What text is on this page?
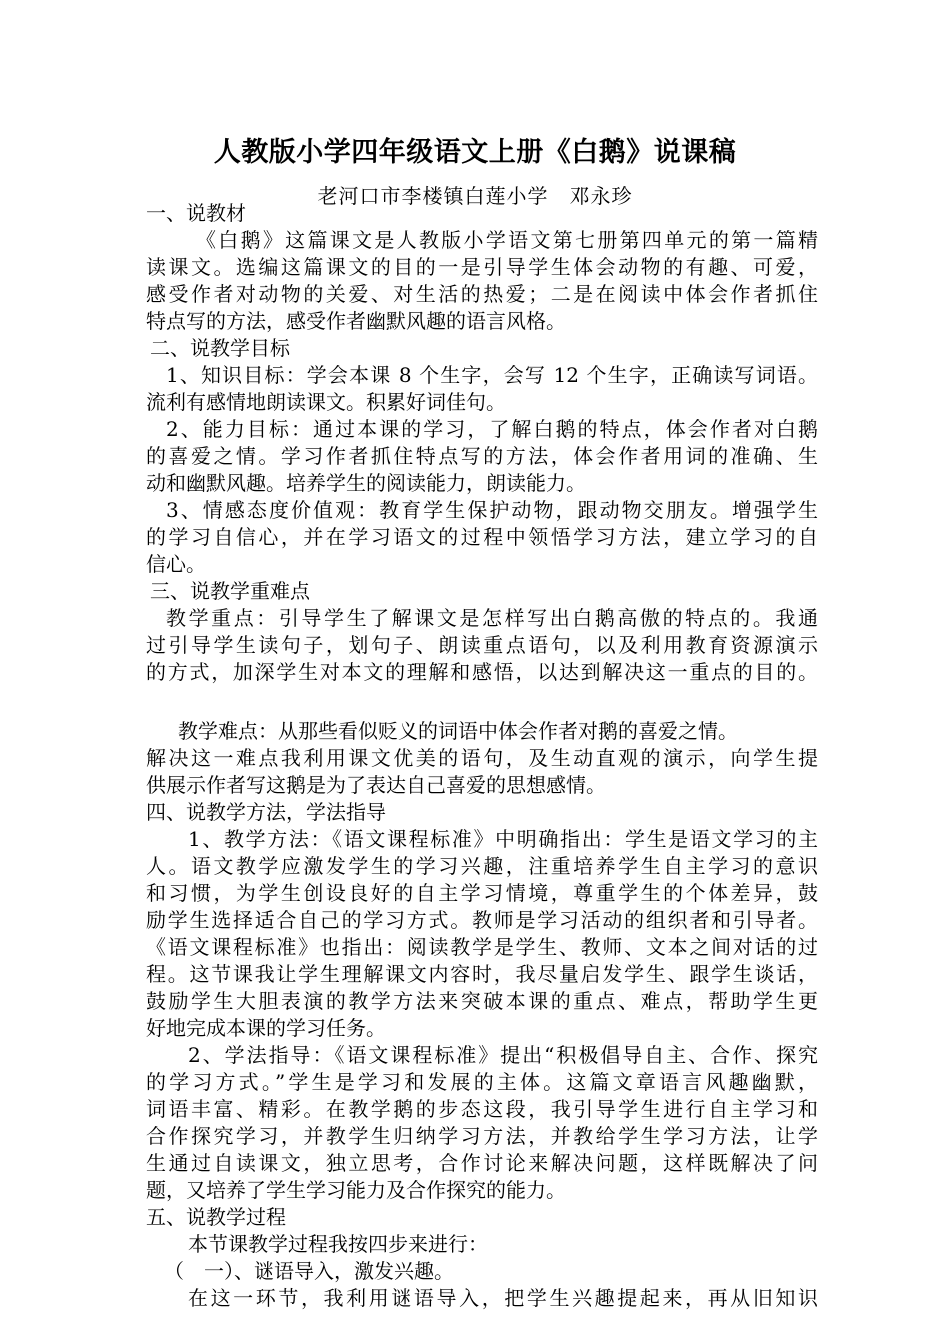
人教版小学四年级语文上册《白鹅》说课稿
老河口市李楼镇白莲小学　邓永珍
一、说教材
《白鹅》这篇课文是人教版小学语文第七册第四单元的第一篇精
读课文。选编这篇课文的目的一是引导学生体会动物的有趣、可爱，
感受作者对动物的关爱、对生活的热爱；二是在阅读中体会作者抓住
特点写的方法，感受作者幽默风趣的语言风格。
二、说教学目标
1、知识目标：学会本课 8 个生字，会写 12 个生字，正确读写词语。
流利有感情地朗读课文。积累好词佳句。
2、能力目标：通过本课的学习，了解白鹅的特点，体会作者对白鹅
的喜爱之情。学习作者抓住特点写的方法，体会作者用词的准确、生
动和幽默风趣。培养学生的阅读能力，朗读能力。
3、情感态度价值观：教育学生保护动物，跟动物交朋友。增强学生
的学习自信心，并在学习语文的过程中领悟学习方法，建立学习的自
信心。
三、说教学重难点
教学重点：引导学生了解课文是怎样写出白鹅高傲的特点的。我通
过引导学生读句子，划句子、朗读重点语句，以及利用教育资源演示
的方式，加深学生对本文的理解和感悟，以达到解决这一重点的目的。
教学难点：从那些看似贬义的词语中体会作者对鹅的喜爱之情。
解决这一难点我利用课文优美的语句，及生动直观的演示，向学生提
供展示作者写这鹅是为了表达自己喜爱的思想感情。
四、说教学方法，学法指导
1、教学方法：《语文课程标准》中明确指出：学生是语文学习的主
人。语文教学应激发学生的学习兴趣，注重培养学生自主学习的意识
和习惯，为学生创设良好的自主学习情境，尊重学生的个体差异，鼓
励学生选择适合自己的学习方式。教师是学习活动的组织者和引导者。
《语文课程标准》也指出：阅读教学是学生、教师、文本之间对话的过
程。这节课我让学生理解课文内容时，我尽量启发学生、跟学生谈话，
鼓励学生大胆表演的教学方法来突破本课的重点、难点，帮助学生更
好地完成本课的学习任务。
2、学法指导：《语文课程标准》提出“积极倡导自主、合作、探究
的学习方式。”学生是学习和发展的主体。这篇文章语言风趣幽默，
词语丰富、精彩。在教学鹅的步态这段，我引导学生进行自主学习和
合作探究学习，并教学生归纳学习方法，并教给学生学习方法，让学
生通过自读课文，独立思考，合作讨论来解决问题，这样既解决了问
题，又培养了学生学习能力及合作探究的能力。
五、说教学过程
本节课教学过程我按四步来进行：
（　一）、谜语导入，激发兴趣。
在这一环节，我利用谜语导入，把学生兴趣提起来，再从旧知识
